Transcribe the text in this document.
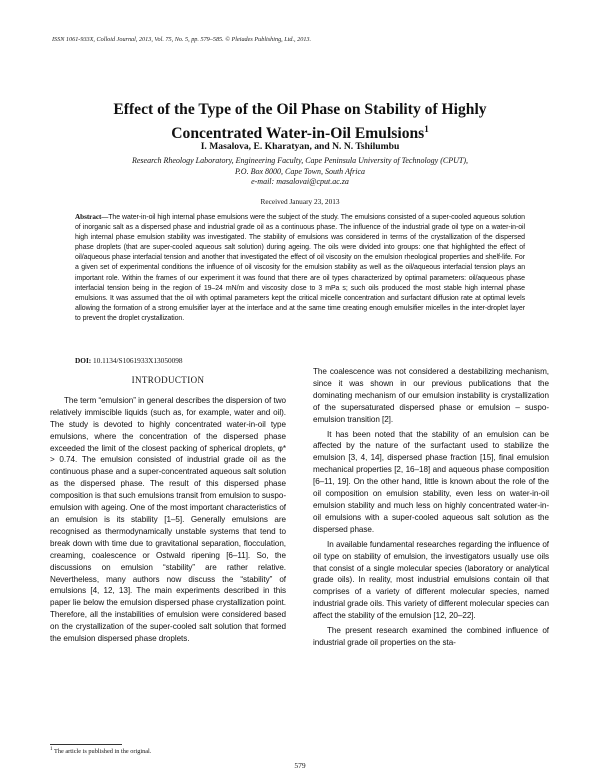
ISSN 1061-933X, Colloid Journal, 2013, Vol. 75, No. 5, pp. 579–585. © Pleiades Publishing, Ltd., 2013.
Effect of the Type of the Oil Phase on Stability of Highly
Concentrated Water-in-Oil Emulsions$^1$
I. Masalova, E. Kharatyan, and N. N. Tshilumbu
Research Rheology Laboratory, Engineering Faculty, Cape Peninsula University of Technology (CPUT),
P.O. Box 8000, Cape Town, South Africa
e-mail: masalovai@cput.ac.za
Received January 23, 2013
Abstract—The water-in-oil high internal phase emulsions were the subject of the study. The emulsions consisted of a super-cooled aqueous solution of inorganic salt as a dispersed phase and industrial grade oil as a continuous phase. The influence of the industrial grade oil type on a water-in-oil high internal phase emulsion stability was investigated. The stability of emulsions was considered in terms of the crystallization of the dispersed phase droplets (that are super-cooled aqueous salt solution) during ageing. The oils were divided into groups: one that highlighted the effect of oil/aqueous phase interfacial tension and another that investigated the effect of oil viscosity on the emulsion rheological properties and shelf-life. For a given set of experimental conditions the influence of oil viscosity for the emulsion stability as well as the oil/aqueous interfacial tension plays an important role. Within the frames of our experiment it was found that there are oil types characterized by optimal parameters: oil/aqueous phase interfacial tension being in the region of 19–24 mN/m and viscosity close to 3 mPa s; such oils produced the most stable high internal phase emulsions. It was assumed that the oil with optimal parameters kept the critical micelle concentration and surfactant diffusion rate at optimal levels allowing the formation of a strong emulsifier layer at the interface and at the same time creating enough emulsifier micelles in the inter-droplet layer to prevent the droplet crystallization.
DOI: 10.1134/S1061933X13050098
INTRODUCTION

The term “emulsion” in general describes the dispersion of two relatively immiscible liquids (such as, for example, water and oil). The study is devoted to highly concentrated water-in-oil type emulsions, where the concentration of the dispersed phase exceeded the limit of the closest packing of spherical droplets, φ* > 0.74. The emulsion consisted of industrial grade oil as the continuous phase and a super-concentrated aqueous salt solution as the dispersed phase. The result of this dispersed phase composition is that such emulsions transit from emulsion to suspo-emulsion with ageing. One of the most important characteristics of an emulsion is its stability [1–5]. Generally emulsions are recognised as thermodynamically unstable systems that tend to break down with time due to gravitational separation, flocculation, creaming, coalescence or Ostwald ripening [6–11]. So, the discussions on emulsion “stability” are rather relative. Nevertheless, many authors now discuss the “stability” of emulsions [4, 12, 13]. The main experiments described in this paper lie below the emulsion dispersed phase crystallization point. Therefore, all the instabilities of emulsion were considered based on the crystallization of the super-cooled salt solution that formed the emulsion dispersed phase droplets.

The coalescence was not considered a destabilizing mechanism, since it was shown in our previous publications that the dominating mechanism of our emulsion instability is crystallization of the supersaturated dispersed phase or emulsion – suspo-emulsion transition [2].

It has been noted that the stability of an emulsion can be affected by the nature of the surfactant used to stabilize the emulsion [3, 4, 14], dispersed phase fraction [15], final emulsion mechanical properties [2, 16–18] and aqueous phase composition [6–11, 19]. On the other hand, little is known about the role of the oil composition on emulsion stability, even less on water-in-oil emulsion stability and much less on highly concentrated water-in-oil emulsions with a super-cooled aqueous salt solution as the dispersed phase.

In available fundamental researches regarding the influence of oil type on stability of emulsion, the investigators usually use oils that consist of a single molecular species (laboratory or analytical grade oils). In reality, most industrial emulsions contain oil that comprises of a variety of different molecular species, named industrial grade oils. This variety of different molecular species can affect the stability of the emulsion [12, 20–22].

The present research examined the combined influence of industrial grade oil properties on the sta-

$^1$ The article is published in the original.
579
